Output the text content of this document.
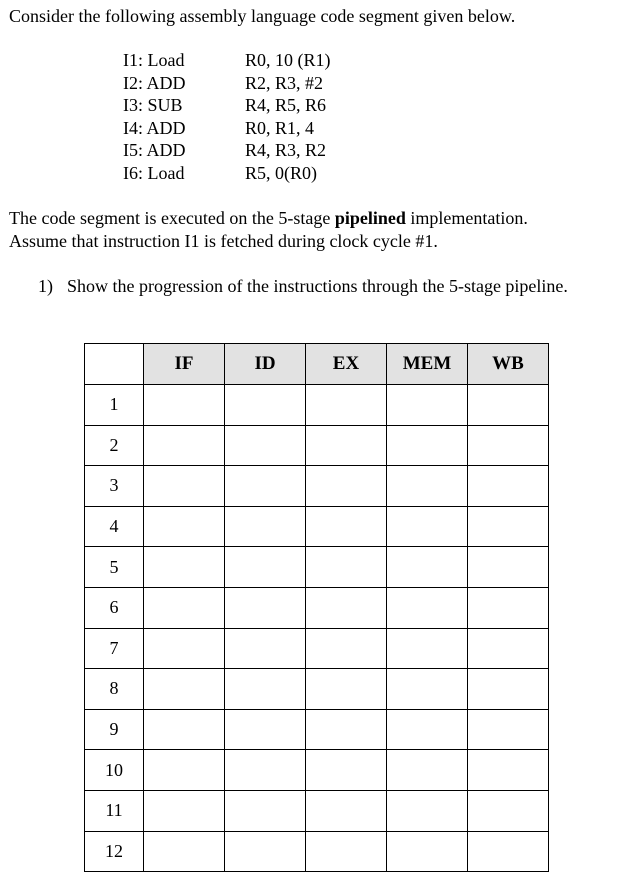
Consider the following assembly language code segment given below.
I1: Load	R0, 10 (R1)
I2: ADD	R2, R3, #2
I3: SUB	R4, R5, R6
I4: ADD	R0, R1, 4
I5: ADD	R4, R3, R2
I6: Load	R5, 0(R0)
The code segment is executed on the 5-stage pipelined implementation.
Assume that instruction I1 is fetched during clock cycle #1.
1) Show the progression of the instructions through the 5-stage pipeline.
	IF	ID	EX	MEM	WB
1					
2					
3					
4					
5					
6					
7					
8					
9					
10					
11					
12					
